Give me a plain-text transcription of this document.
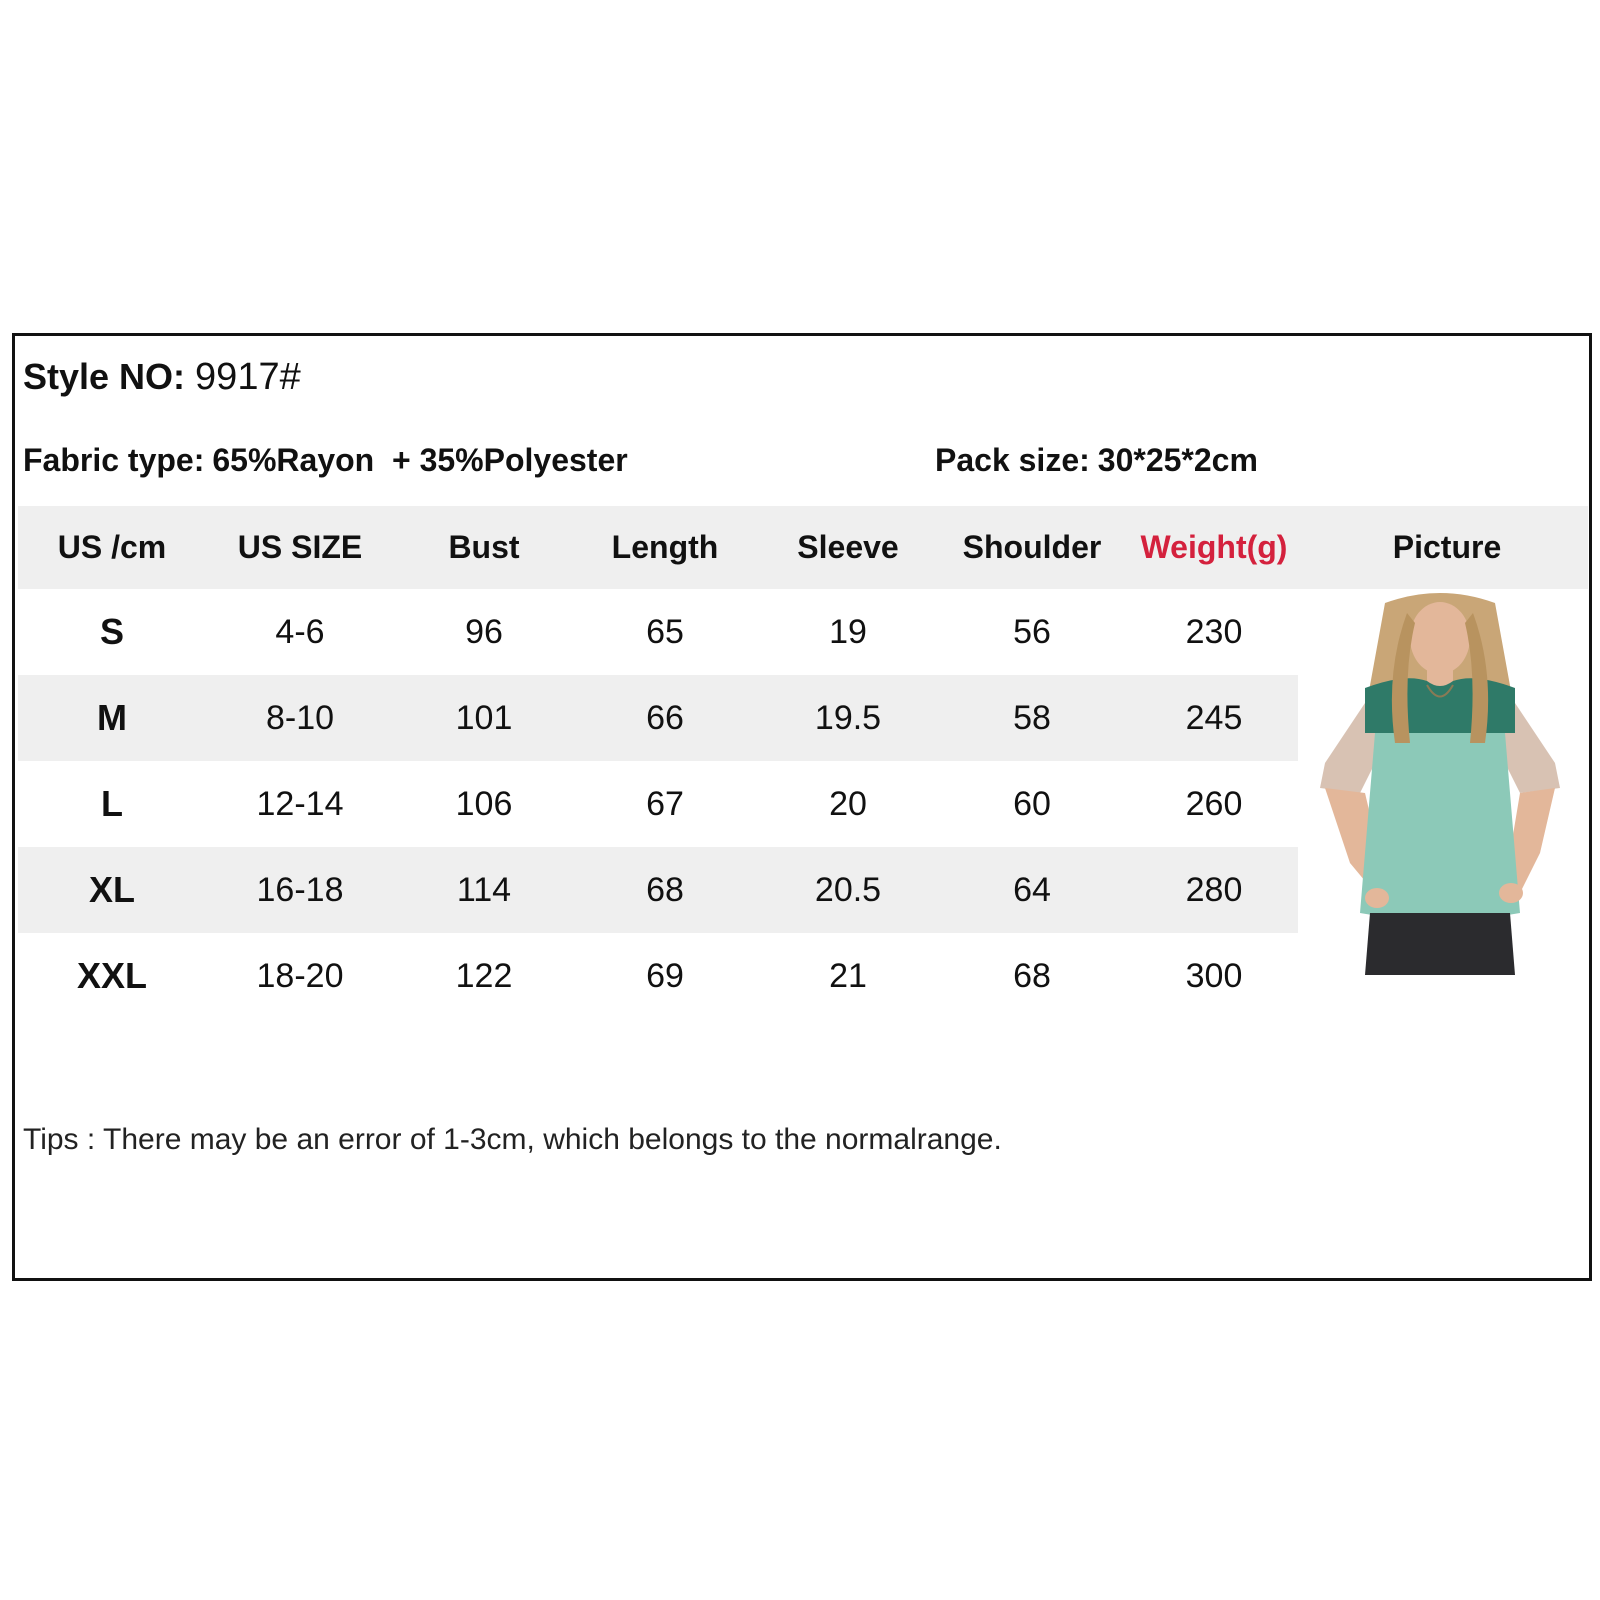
Style NO: 9917#
Fabric type: 65%Rayon  + 35%Polyester	Pack size: 30*25*2cm
US /cm	US SIZE	Bust	Length	Sleeve	Shoulder	Weight(g)	Picture
S	4-6	96	65	19	56	230
M	8-10	101	66	19.5	58	245
L	12-14	106	67	20	60	260
XL	16-18	114	68	20.5	64	280
XXL	18-20	122	69	21	68	300
Tips : There may be an error of 1-3cm, which belongs to the normalrange.
